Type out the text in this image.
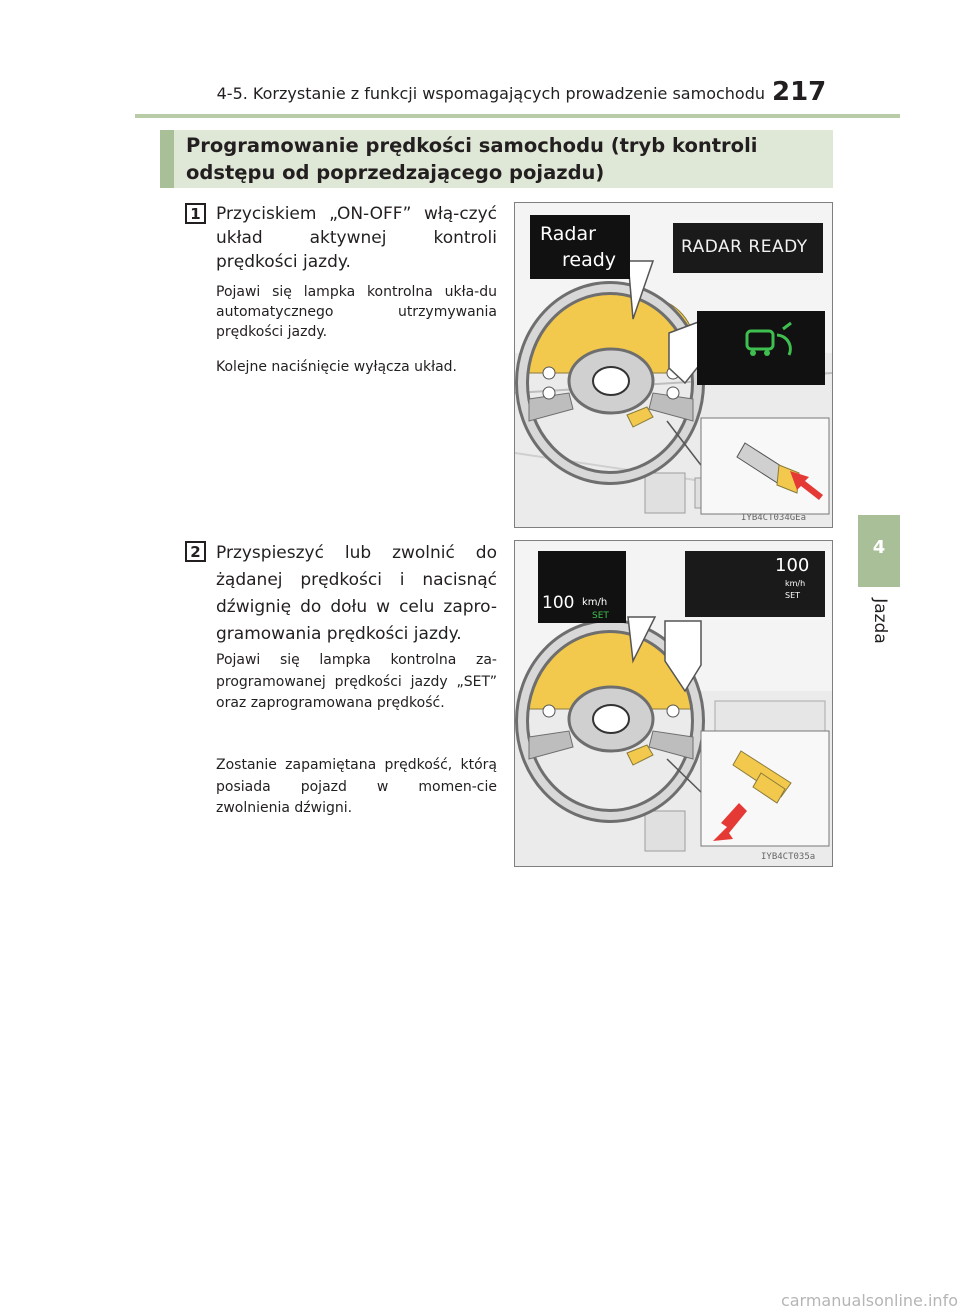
4-5. Korzystanie z funkcji wspomagających prowadzenie samochodu 217
4
Jazda
Programowanie prędkości samochodu (tryb kontroli odstępu od poprzedzającego pojazdu)
1 Przyciskiem „ON-OFF” włą-czyć układ aktywnej kontroli prędkości jazdy.
Pojawi się lampka kontrolna ukła-du automatycznego utrzymywania prędkości jazdy.
Kolejne naciśnięcie wyłącza układ.
Radar
ready
RADAR READY
IYB4CT034GEa
2 Przyspieszyć lub zwolnić do żądanej prędkości i nacisnąć dźwignię do dołu w celu zapro-gramowania prędkości jazdy.
Pojawi się lampka kontrolna za-programowanej prędkości jazdy „SET” oraz zaprogramowana prędkość.
Zostanie zapamiętana prędkość, którą posiada pojazd w momen-cie zwolnienia dźwigni.
100 km/h
SET
100
km/h
SET
IYB4CT035a
carmanualsonline.info
